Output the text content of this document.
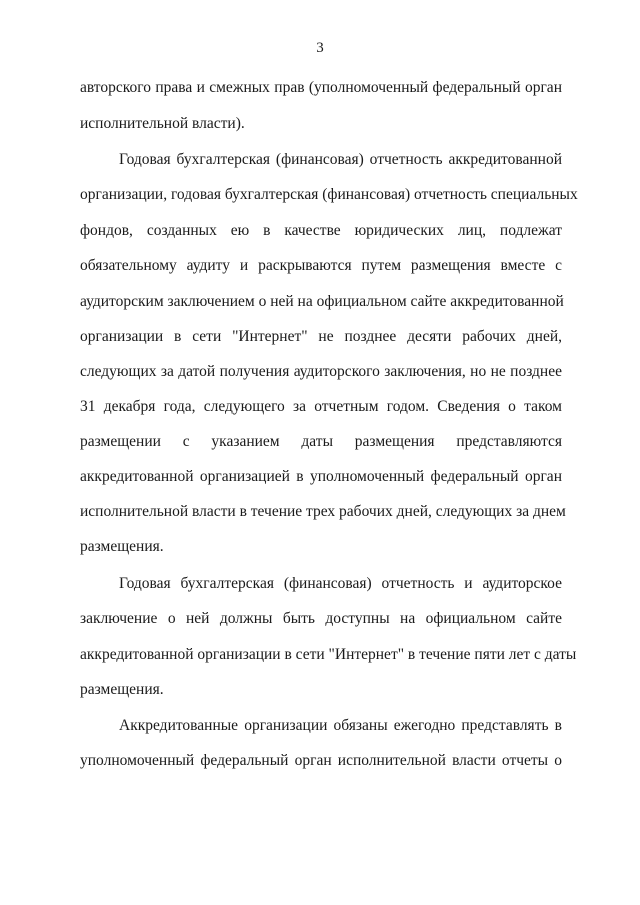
3
авторского права и смежных прав (уполномоченный федеральный орган
исполнительной власти).
Годовая бухгалтерская (финансовая) отчетность аккредитованной
организации, годовая бухгалтерская (финансовая) отчетность специальных
фондов, созданных ею в качестве юридических лиц, подлежат
обязательному аудиту и раскрываются путем размещения вместе с
аудиторским заключением о ней на официальном сайте аккредитованной
организации в сети "Интернет" не позднее десяти рабочих дней,
следующих за датой получения аудиторского заключения, но не позднее
31 декабря года, следующего за отчетным годом. Сведения о таком
размещении с указанием даты размещения представляются
аккредитованной организацией в уполномоченный федеральный орган
исполнительной власти в течение трех рабочих дней, следующих за днем
размещения.
Годовая бухгалтерская (финансовая) отчетность и аудиторское
заключение о ней должны быть доступны на официальном сайте
аккредитованной организации в сети "Интернет" в течение пяти лет с даты
размещения.
Аккредитованные организации обязаны ежегодно представлять в
уполномоченный федеральный орган исполнительной власти отчеты о
